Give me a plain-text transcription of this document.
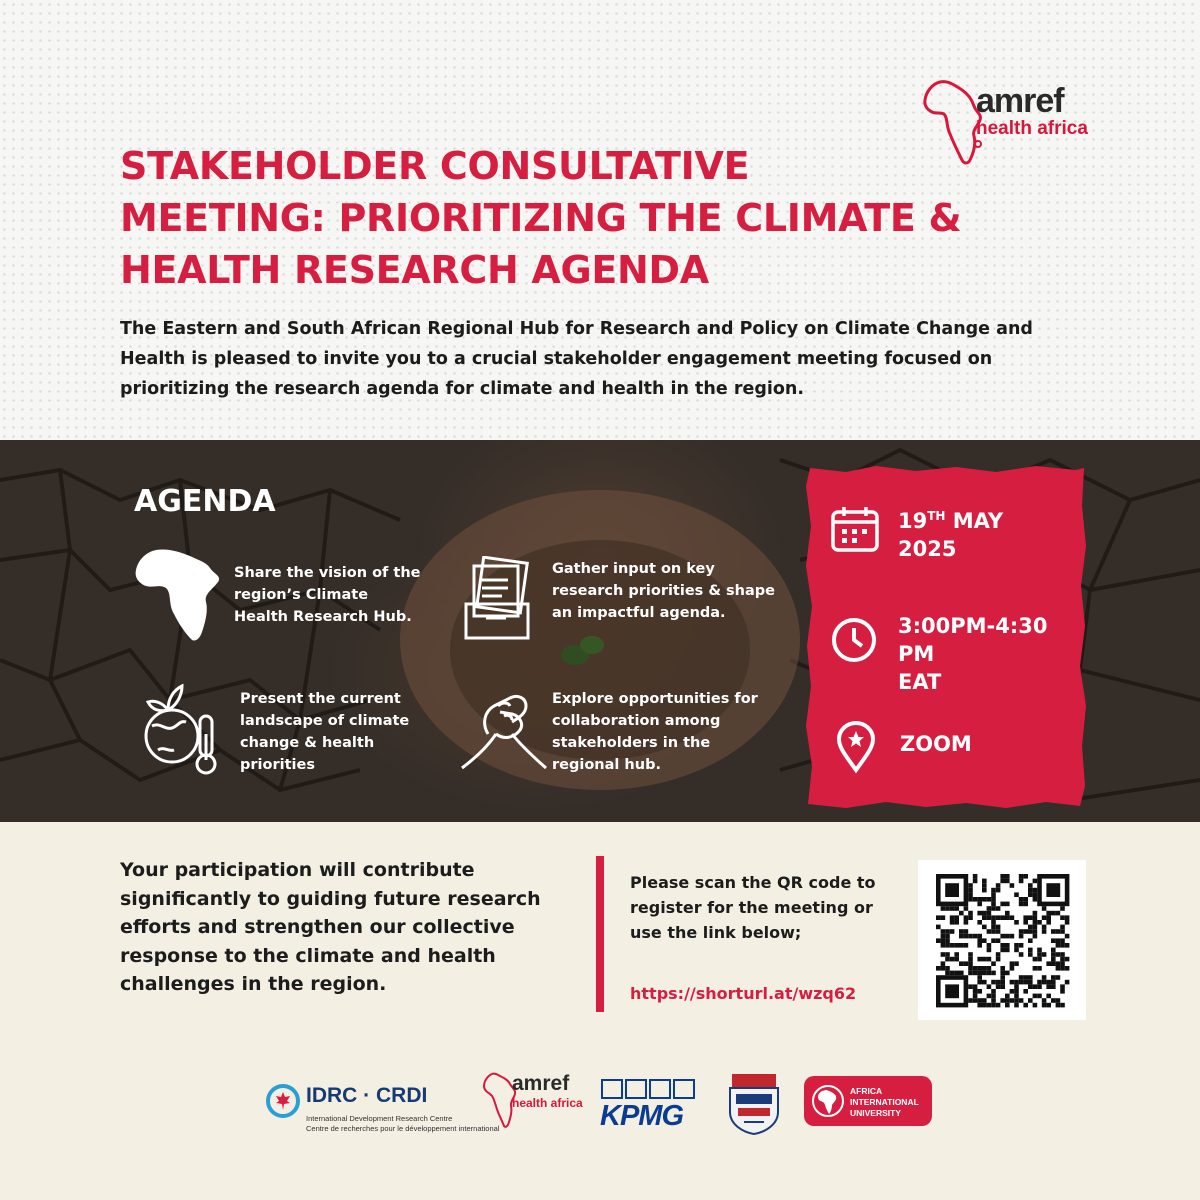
amref
health africa
STAKEHOLDER CONSULTATIVE
MEETING: PRIORITIZING THE CLIMATE &
HEALTH RESEARCH AGENDA
The Eastern and South African Regional Hub for Research and Policy on Climate Change and Health is pleased to invite you to a crucial stakeholder engagement meeting focused on prioritizing the research agenda for climate and health in the region.
AGENDA
Share the vision of the region’s Climate Health Research Hub.
Gather input on key research priorities & shape an impactful agenda.
Present the current landscape of climate change & health priorities
Explore opportunities for collaboration among stakeholders in the regional hub.
19TH MAY
2025
3:00PM-4:30 PM
EAT
ZOOM
Your participation will contribute significantly to guiding future research efforts and strengthen our collective response to the climate and health challenges in the region.
Please scan the QR code to register for the meeting or use the link below;
https://shorturl.at/wzq62
IDRC · CRDI
International Development Research Centre
Centre de recherches pour le développement international
amref
health africa KPMG
AFRICA
INTERNATIONAL
UNIVERSITY
